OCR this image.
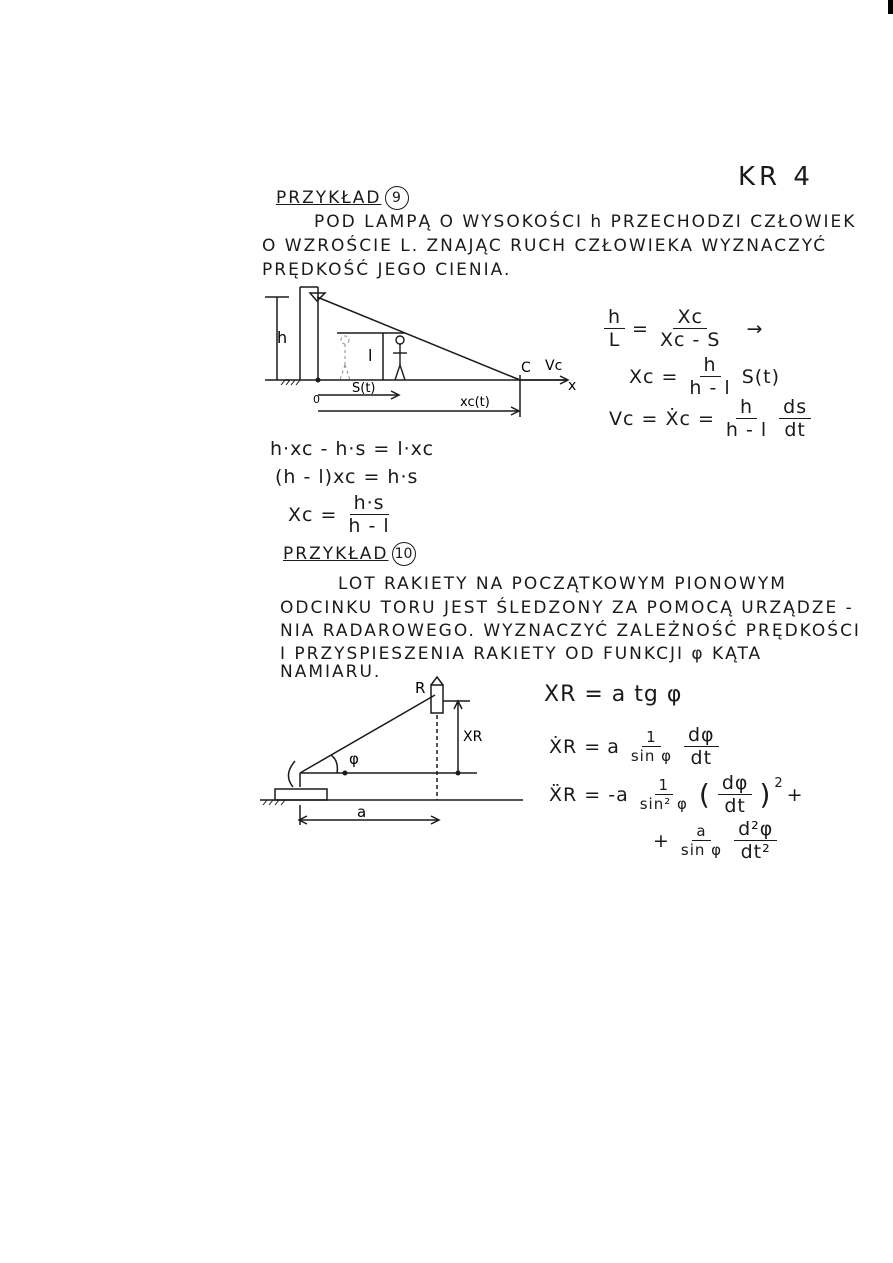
KR 4
PRZYKŁAD 9
POD LAMPĄ O WYSOKOŚCI h PRZECHODZI CZŁOWIEK
O WZROŚCIE L. ZNAJĄC RUCH CZŁOWIEKA WYZNACZYĆ
PRĘDKOŚĆ JEGO CIENIA.
h
l
S(t)
xc(t)
C Vc
x
0
$\frac{h}{L} = \frac{Xc}{Xc - S}$ →
$Xc = \frac{h}{h - l} S(t)$
Vc = Ẋc = $\frac{h}{h - l} \frac{ds}{dt}$
h·xc - h·s = l·xc
(h - l)xc = h·s
$Xc = \frac{h\cdot s}{h - l}$
PRZYKŁAD 10
LOT RAKIETY NA POCZĄTKOWYM PIONOWYM
ODCINKU TORU JEST ŚLEDZONY ZA POMOCĄ URZĄDZE -
NIA RADAROWEGO. WYZNACZYĆ ZALEŻNOŚĆ PRĘDKOŚCI
I PRZYSPIESZENIA RAKIETY OD FUNKCJI φ KĄTA
NAMIARU.
R
XR
φ
a
XR = a tg φ
ẊR = a $\frac{1}{\text{sin φ}} \frac{d\varphi}{dt}$
ẌR = $-a \frac{1}{\text{sin² φ}}$ ( $\frac{d\varphi}{dt} )^2$ +
+ $\frac{a}{\text{sin φ}} \frac{\text{d²φ}}{\text{dt²}}$
